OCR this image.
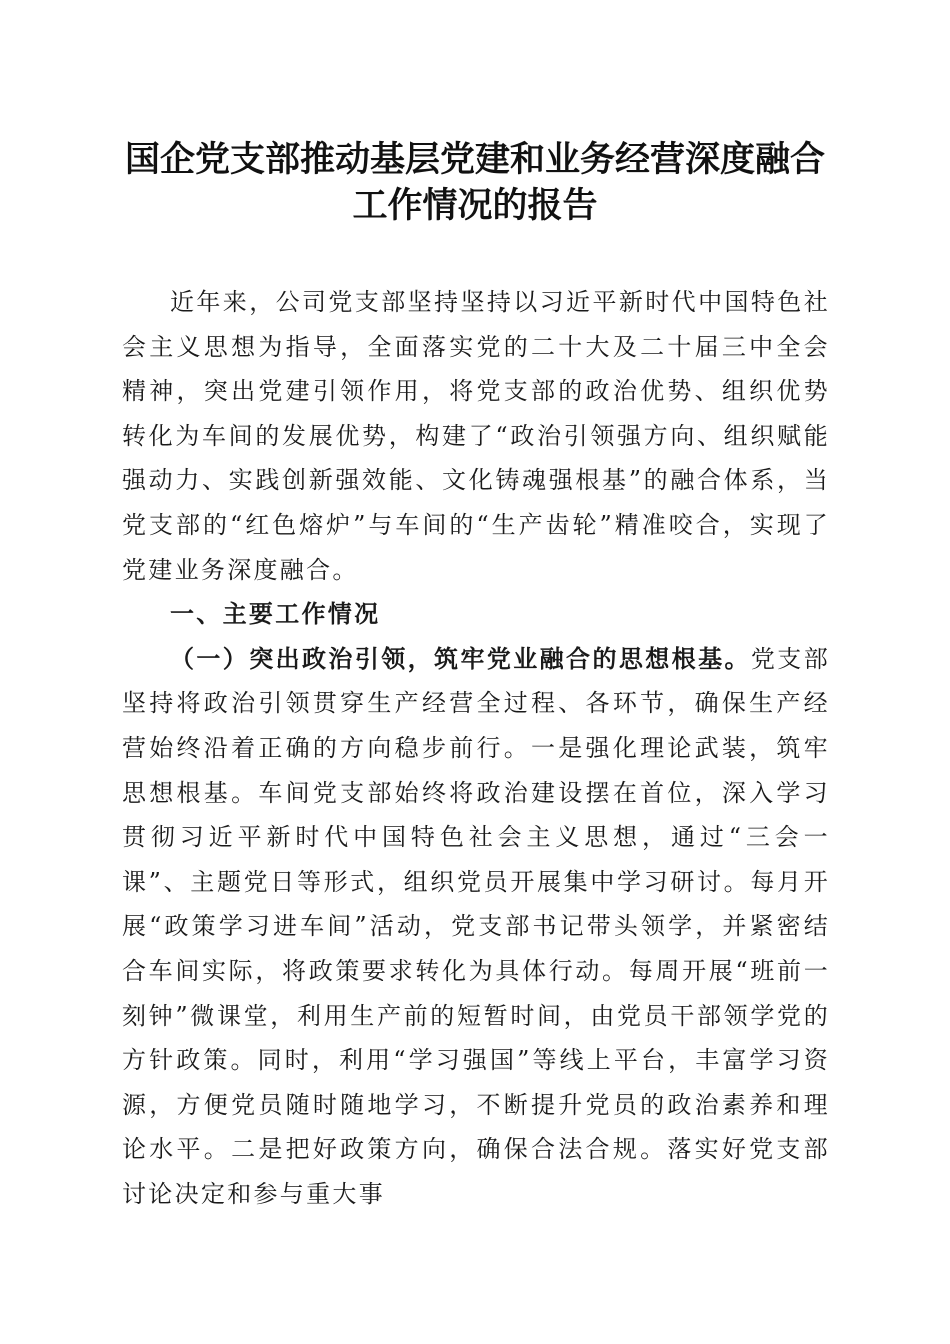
国企党支部推动基层党建和业务经营深度融合
工作情况的报告

近年来，公司党支部坚持坚持以习近平新时代中国特色社会主义思想为指导，全面落实党的二十大及二十届三中全会精神，突出党建引领作用，将党支部的政治优势、组织优势转化为车间的发展优势，构建了“政治引领强方向、组织赋能强动力、实践创新强效能、文化铸魂强根基”的融合体系，当党支部的“红色熔炉”与车间的“生产齿轮”精准咬合，实现了党建业务深度融合。

一、主要工作情况

（一）突出政治引领，筑牢党业融合的思想根基。党支部坚持将政治引领贯穿生产经营全过程、各环节，确保生产经营始终沿着正确的方向稳步前行。一是强化理论武装，筑牢思想根基。车间党支部始终将政治建设摆在首位，深入学习贯彻习近平新时代中国特色社会主义思想，通过“三会一课”、主题党日等形式，组织党员开展集中学习研讨。每月开展“政策学习进车间”活动，党支部书记带头领学，并紧密结合车间实际，将政策要求转化为具体行动。每周开展“班前一刻钟”微课堂，利用生产前的短暂时间，由党员干部领学党的方针政策。同时，利用“学习强国”等线上平台，丰富学习资源，方便党员随时随地学习，不断提升党员的政治素养和理论水平。二是把好政策方向，确保合法合规。落实好党支部讨论决定和参与重大事
